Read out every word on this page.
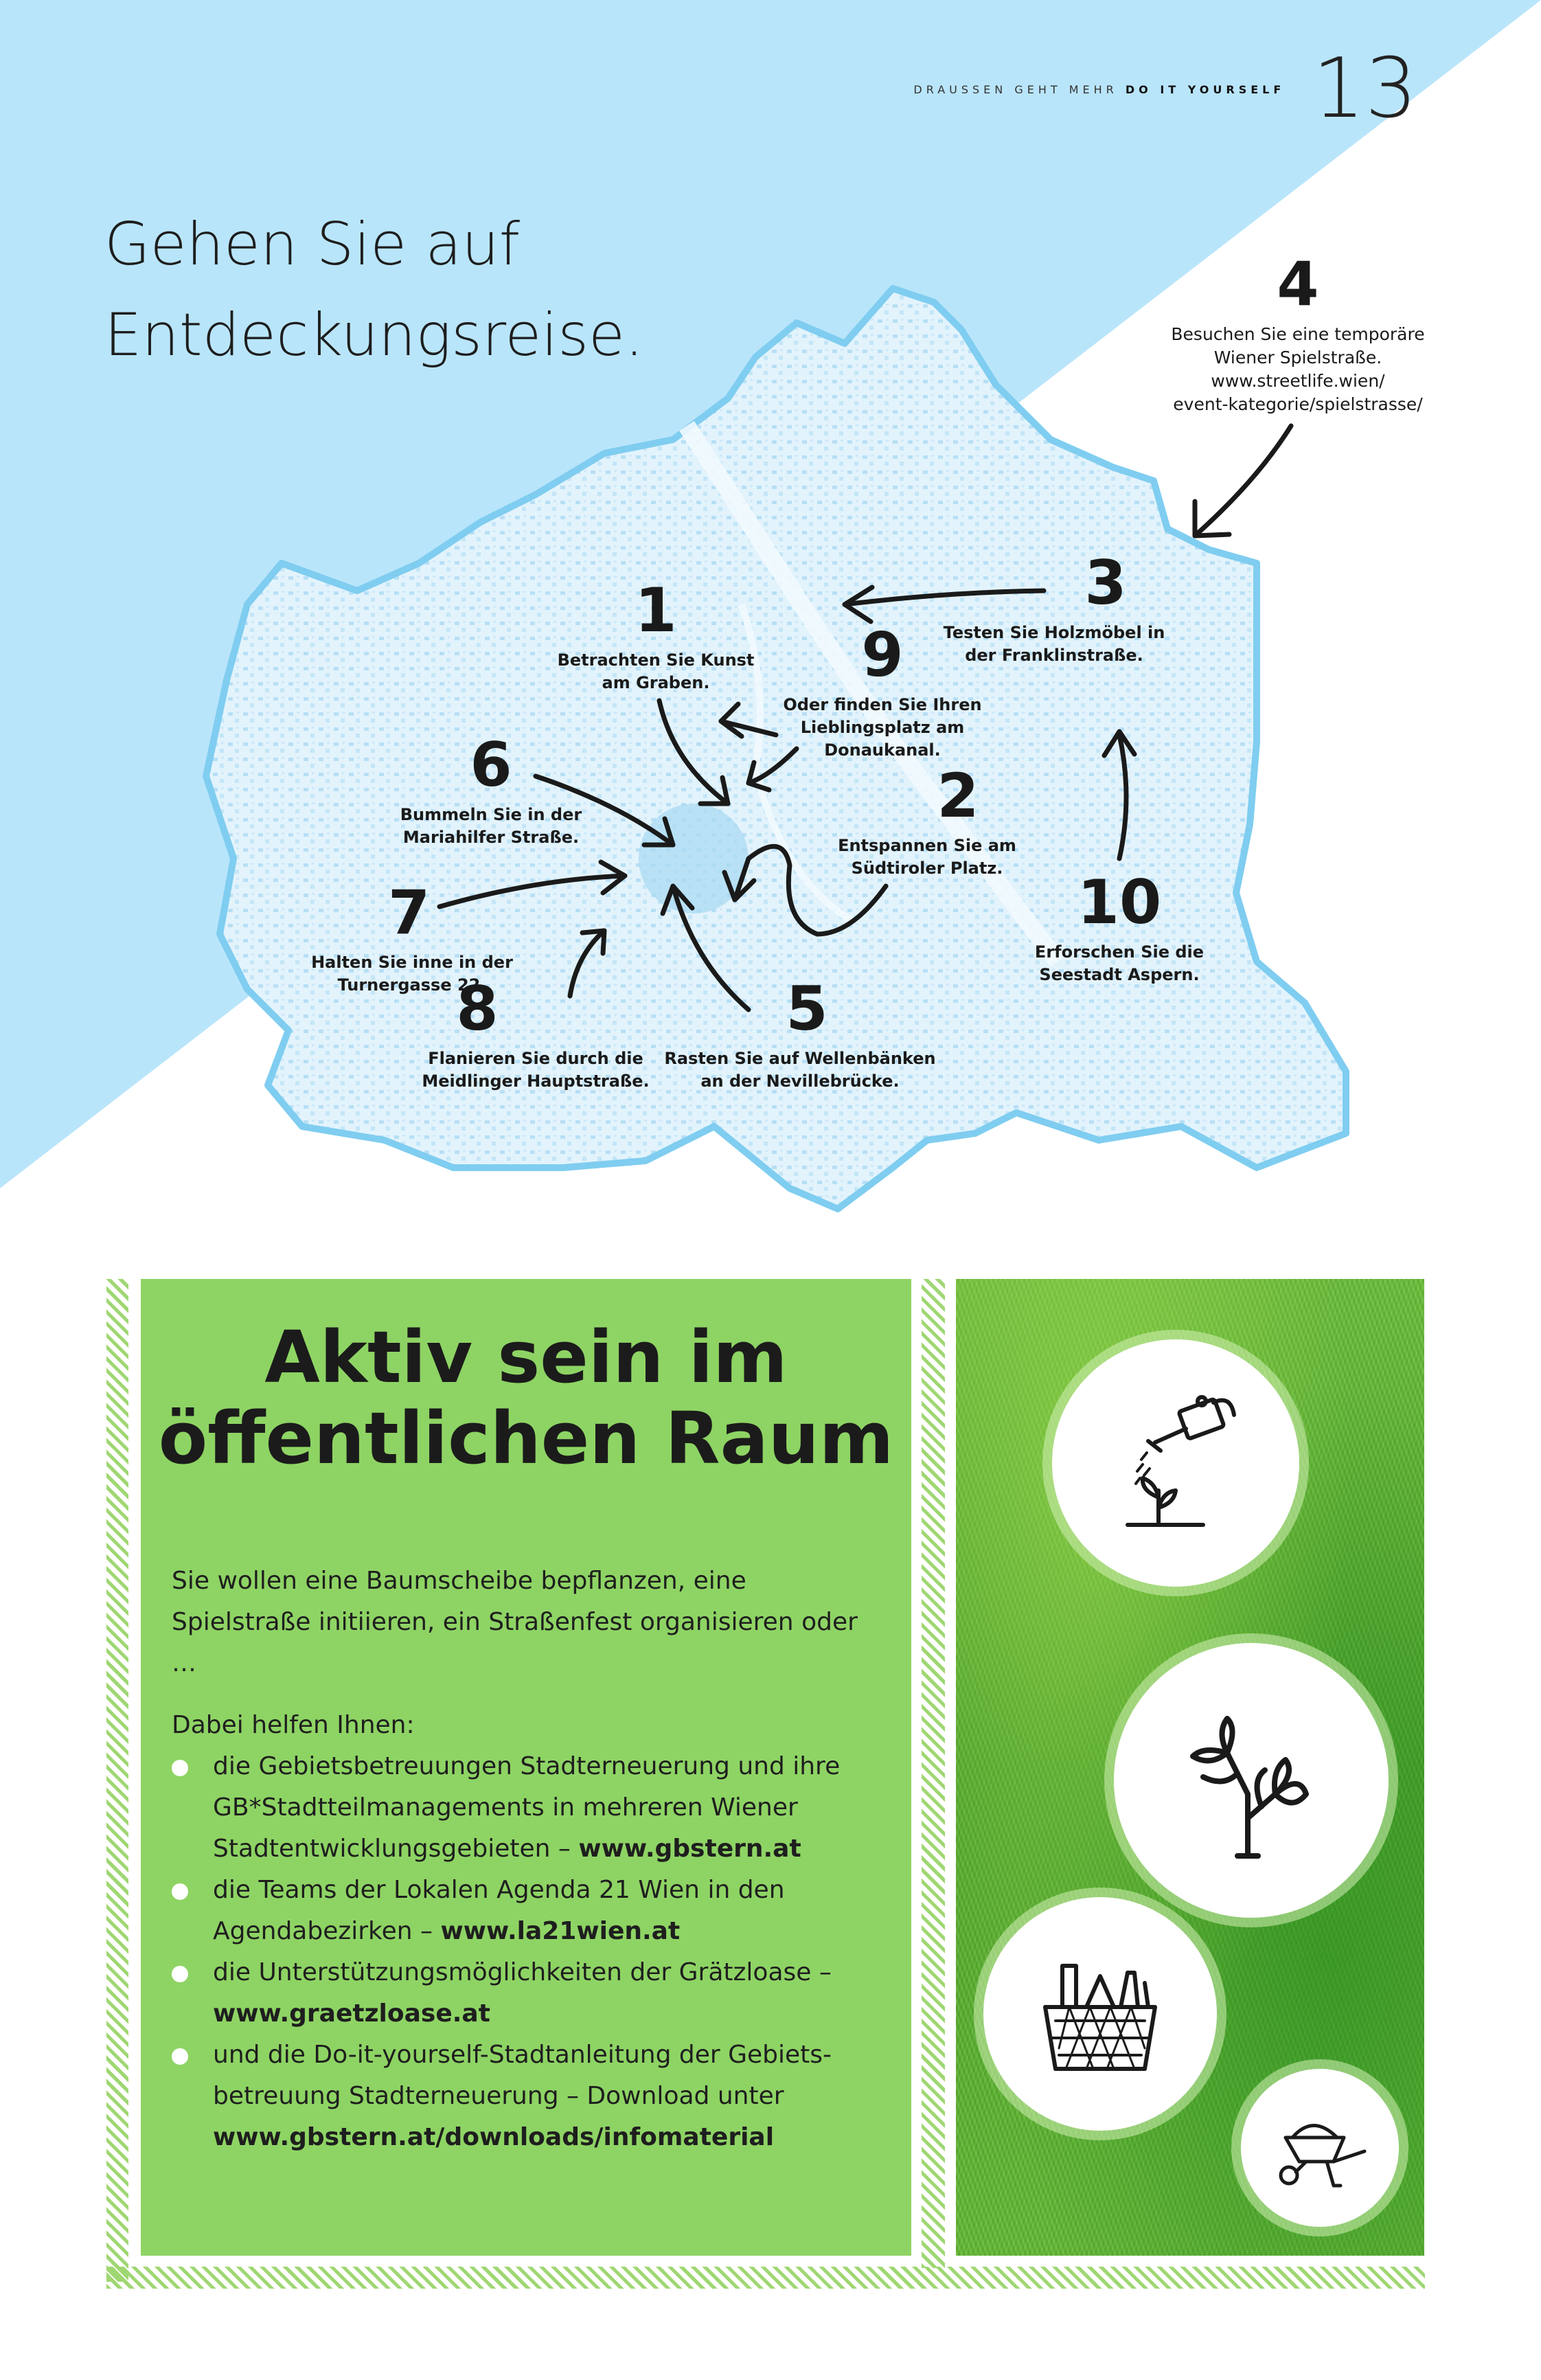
DRAUSSEN GEHT MEHR DO IT YOURSELF 13
Gehen Sie auf
Entdeckungsreise.
1
Betrachten Sie Kunst
am Graben.	9
Oder finden Sie Ihren
Lieblingsplatz am
Donaukanal.
3
Testen Sie Holzmöbel in
der Franklinstraße.
4
Besuchen Sie eine temporäre
Wiener Spielstraße.
www.streetlife.wien/
event-kategorie/spielstrasse/
6
Bummeln Sie in der
Mariahilfer Straße.
2
Entspannen Sie am
Südtiroler Platz.
7
Halten Sie inne in der
Turnergasse 22.
10
Erforschen Sie die
Seestadt Aspern.
8
Flanieren Sie durch die
Meidlinger Hauptstraße.
5
Rasten Sie auf Wellenbänken
an der Nevillebrücke.
Aktiv sein im
öffentlichen Raum

Sie wollen eine Baumscheibe bepflanzen, eine Spielstraße initiieren, ein Straßenfest organisieren oder …

Dabei helfen Ihnen:

die Gebietsbetreuungen Stadterneuerung und ihre GB*Stadtteilmanagements in mehreren Wiener Stadtentwicklungsgebieten – www.gbstern.at
die Teams der Lokalen Agenda 21 Wien in den Agendabezirken – www.la21wien.at
die Unterstützungsmöglichkeiten der Grätzloase – www.graetzloase.at
und die Do-it-yourself-Stadtanleitung der Gebiets-betreuung Stadterneuerung – Download unter www.gbstern.at/downloads/infomaterial
